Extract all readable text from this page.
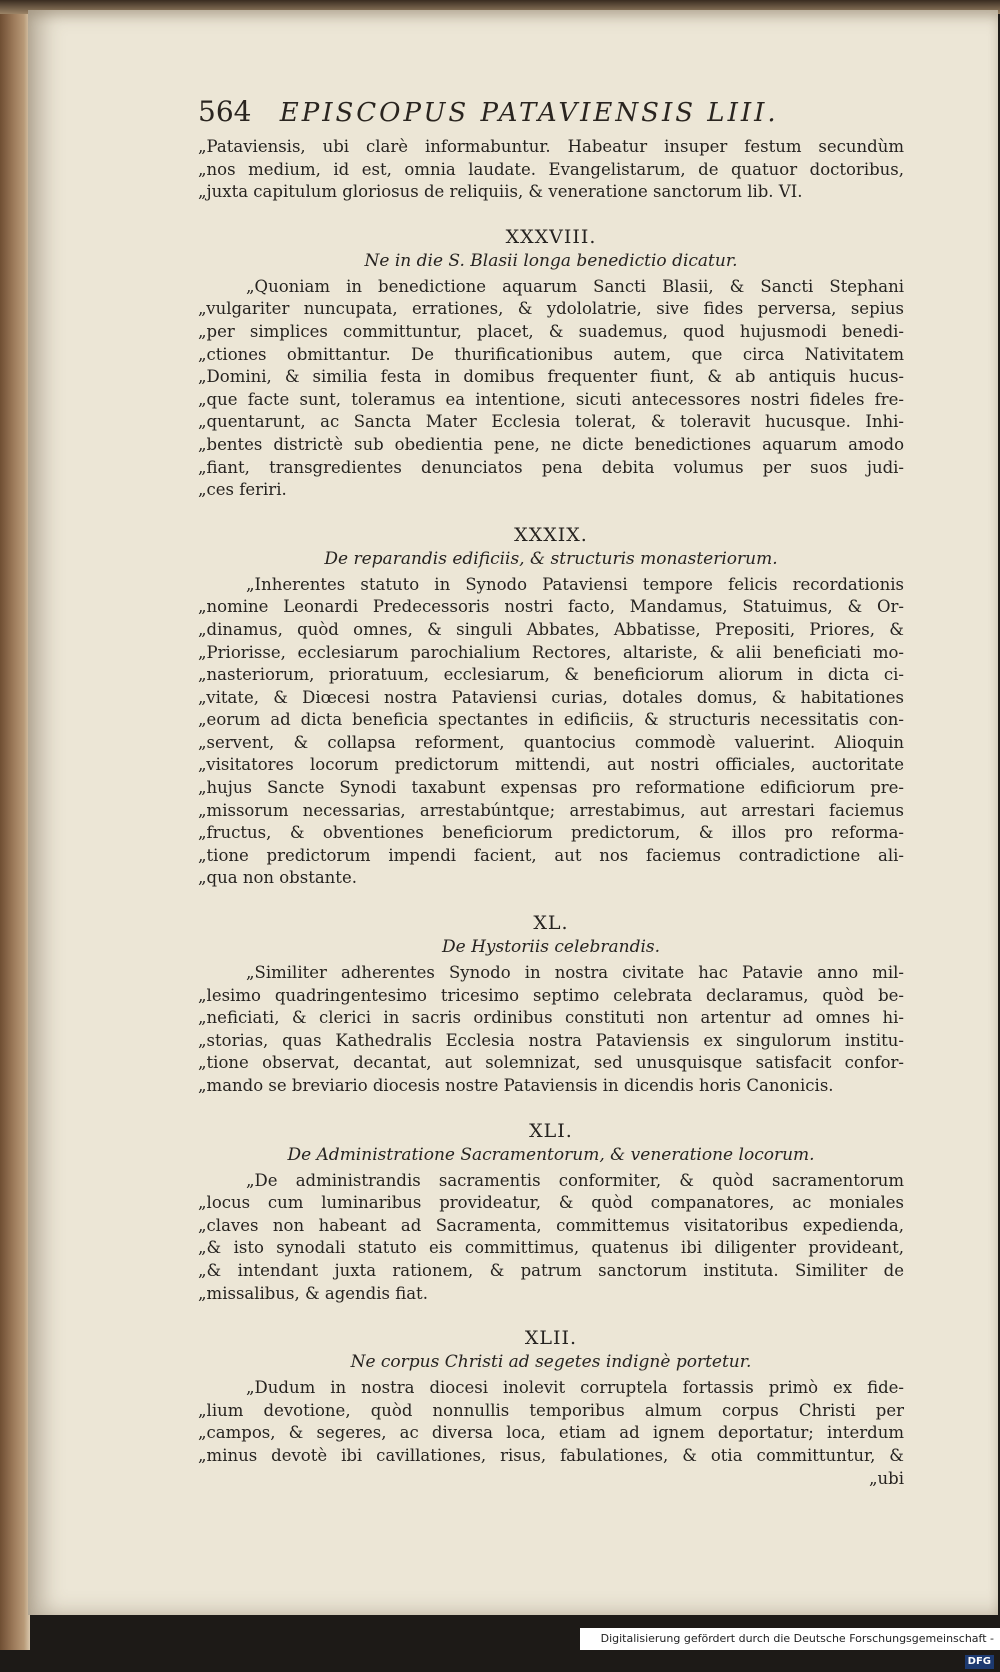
564 EPISCOPUS PATAVIENSIS LIII.
„Pataviensis, ubi clarè informabuntur. Habeatur insuper festum secundùm
„nos medium, id est, omnia laudate. Evangelistarum, de quatuor doctoribus,
„juxta capitulum gloriosus de reliquiis, & veneratione sanctorum lib. VI.
XXXVIII.
Ne in die S. Blasii longa benedictio dicatur.
„Quoniam in benedictione aquarum Sancti Blasii, & Sancti Stephani
„vulgariter nuncupata, errationes, & ydololatrie, sive fides perversa, sepius
„per simplices committuntur, placet, & suademus, quod hujusmodi benedi-
„ctiones obmittantur. De thurificationibus autem, que circa Nativitatem
„Domini, & similia festa in domibus frequenter fiunt, & ab antiquis hucus-
„que facte sunt, toleramus ea intentione, sicuti antecessores nostri fideles fre-
„quentarunt, ac Sancta Mater Ecclesia tolerat, & toleravit hucusque. Inhi-
„bentes districtè sub obedientia pene, ne dicte benedictiones aquarum amodo
„fiant, transgredientes denunciatos pena debita volumus per suos judi-
„ces feriri.
XXXIX.
De reparandis edificiis, & structuris monasteriorum.
„Inherentes statuto in Synodo Pataviensi tempore felicis recordationis
„nomine Leonardi Predecessoris nostri facto, Mandamus, Statuimus, & Or-
„dinamus, quòd omnes, & singuli Abbates, Abbatisse, Prepositi, Priores, &
„Priorisse, ecclesiarum parochialium Rectores, altariste, & alii beneficiati mo-
„nasteriorum, prioratuum, ecclesiarum, & beneficiorum aliorum in dicta ci-
„vitate, & Diœcesi nostra Pataviensi curias, dotales domus, & habitationes
„eorum ad dicta beneficia spectantes in edificiis, & structuris necessitatis con-
„servent, & collapsa reforment, quantocius commodè valuerint. Alioquin
„visitatores locorum predictorum mittendi, aut nostri officiales, auctoritate
„hujus Sancte Synodi taxabunt expensas pro reformatione edificiorum pre-
„missorum necessarias, arrestabúntque; arrestabimus, aut arrestari faciemus
„fructus, & obventiones beneficiorum predictorum, & illos pro reforma-
„tione predictorum impendi facient, aut nos faciemus contradictione ali-
„qua non obstante.
XL.
De Hystoriis celebrandis.
„Similiter adherentes Synodo in nostra civitate hac Patavie anno mil-
„lesimo quadringentesimo tricesimo septimo celebrata declaramus, quòd be-
„neficiati, & clerici in sacris ordinibus constituti non artentur ad omnes hi-
„storias, quas Kathedralis Ecclesia nostra Pataviensis ex singulorum institu-
„tione observat, decantat, aut solemnizat, sed unusquisque satisfacit confor-
„mando se breviario diocesis nostre Pataviensis in dicendis horis Canonicis.
XLI.
De Administratione Sacramentorum, & veneratione locorum.
„De administrandis sacramentis conformiter, & quòd sacramentorum
„locus cum luminaribus provideatur, & quòd companatores, ac moniales
„claves non habeant ad Sacramenta, committemus visitatoribus expedienda,
„& isto synodali statuto eis committimus, quatenus ibi diligenter provideant,
„& intendant juxta rationem, & patrum sanctorum instituta. Similiter de
„missalibus, & agendis fiat.
XLII.
Ne corpus Christi ad segetes indignè portetur.
„Dudum in nostra diocesi inolevit corruptela fortassis primò ex fide-
„lium devotione, quòd nonnullis temporibus almum corpus Christi per
„campos, & segeres, ac diversa loca, etiam ad ignem deportatur; interdum
„minus devotè ibi cavillationes, risus, fabulationes, & otia committuntur, &
„ubi
Digitalisierung gefördert durch die Deutsche Forschungsgemeinschaft - DFG
